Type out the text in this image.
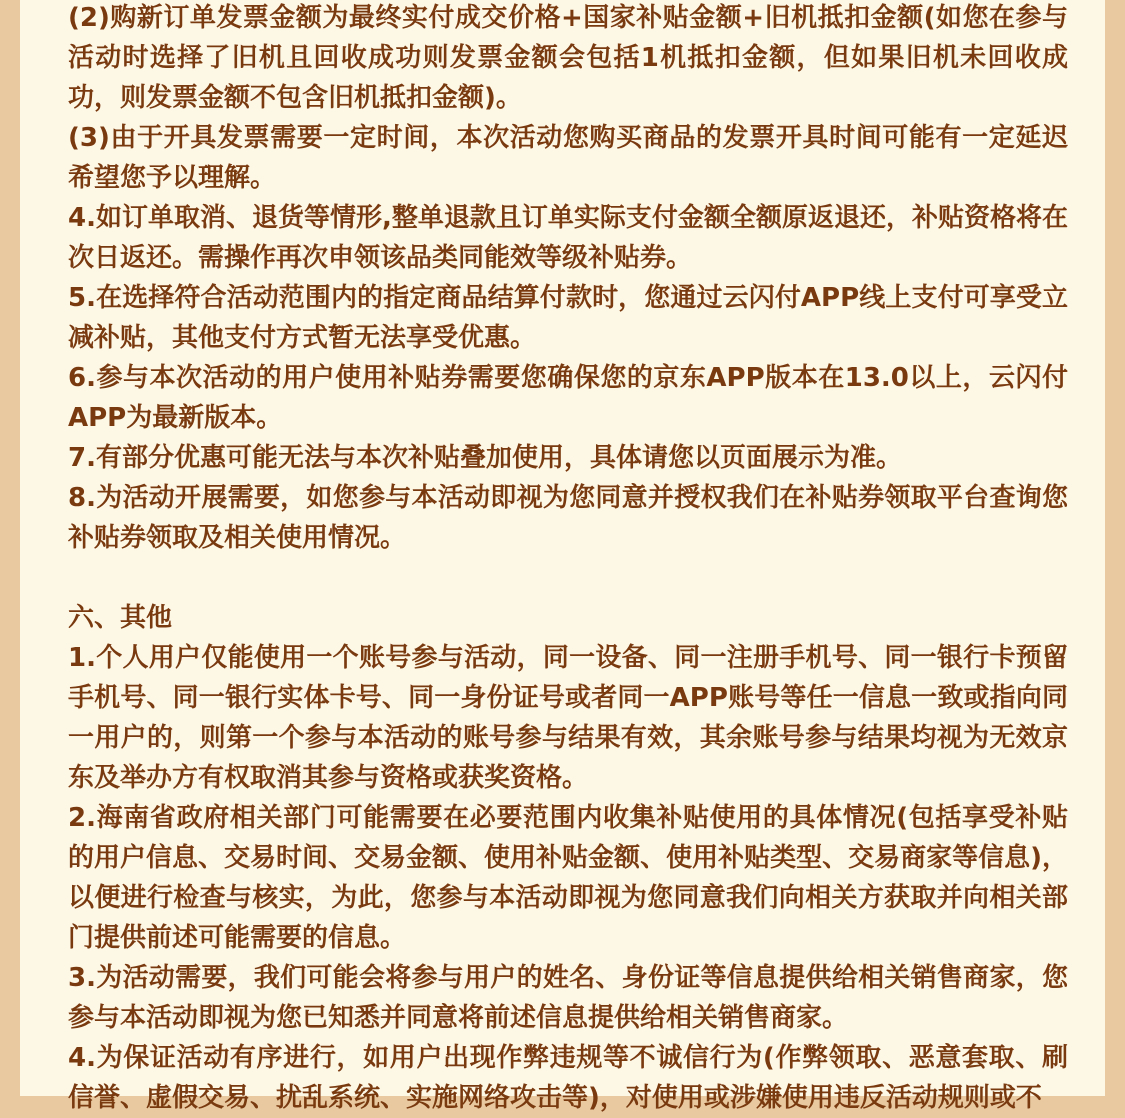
(2)购新订单发票金额为最终实付成交价格+国家补贴金额+旧机抵扣金额(如您在参与活动时选择了旧机且回收成功则发票金额会包括1机抵扣金额，但如果旧机未回收成功，则发票金额不包含旧机抵扣金额)。

(3)由于开具发票需要一定时间，本次活动您购买商品的发票开具时间可能有一定延迟希望您予以理解。

4.如订单取消、退货等情形,整单退款且订单实际支付金额全额原返退还，补贴资格将在次日返还。需操作再次申领该品类同能效等级补贴券。

5.在选择符合活动范围内的指定商品结算付款时，您通过云闪付APP线上支付可享受立减补贴，其他支付方式暂无法享受优惠。

6.参与本次活动的用户使用补贴券需要您确保您的京东APP版本在13.0以上，云闪付APP为最新版本。

7.有部分优惠可能无法与本次补贴叠加使用，具体请您以页面展示为准。

8.为活动开展需要，如您参与本活动即视为您同意并授权我们在补贴券领取平台查询您补贴券领取及相关使用情况。

六、其他

1.个人用户仅能使用一个账号参与活动，同一设备、同一注册手机号、同一银行卡预留手机号、同一银行实体卡号、同一身份证号或者同一APP账号等任一信息一致或指向同一用户的，则第一个参与本活动的账号参与结果有效，其余账号参与结果均视为无效京东及举办方有权取消其参与资格或获奖资格。

2.海南省政府相关部门可能需要在必要范围内收集补贴使用的具体情况(包括享受补贴的用户信息、交易时间、交易金额、使用补贴金额、使用补贴类型、交易商家等信息)，以便进行检查与核实，为此，您参与本活动即视为您同意我们向相关方获取并向相关部门提供前述可能需要的信息。

3.为活动需要，我们可能会将参与用户的姓名、身份证等信息提供给相关销售商家，您参与本活动即视为您已知悉并同意将前述信息提供给相关销售商家。

4.为保证活动有序进行，如用户出现作弊违规等不诚信行为(作弊领取、恶意套取、刷信誉、虚假交易、扰乱系统、实施网络攻击等)，对使用或涉嫌使用违反活动规则或不
